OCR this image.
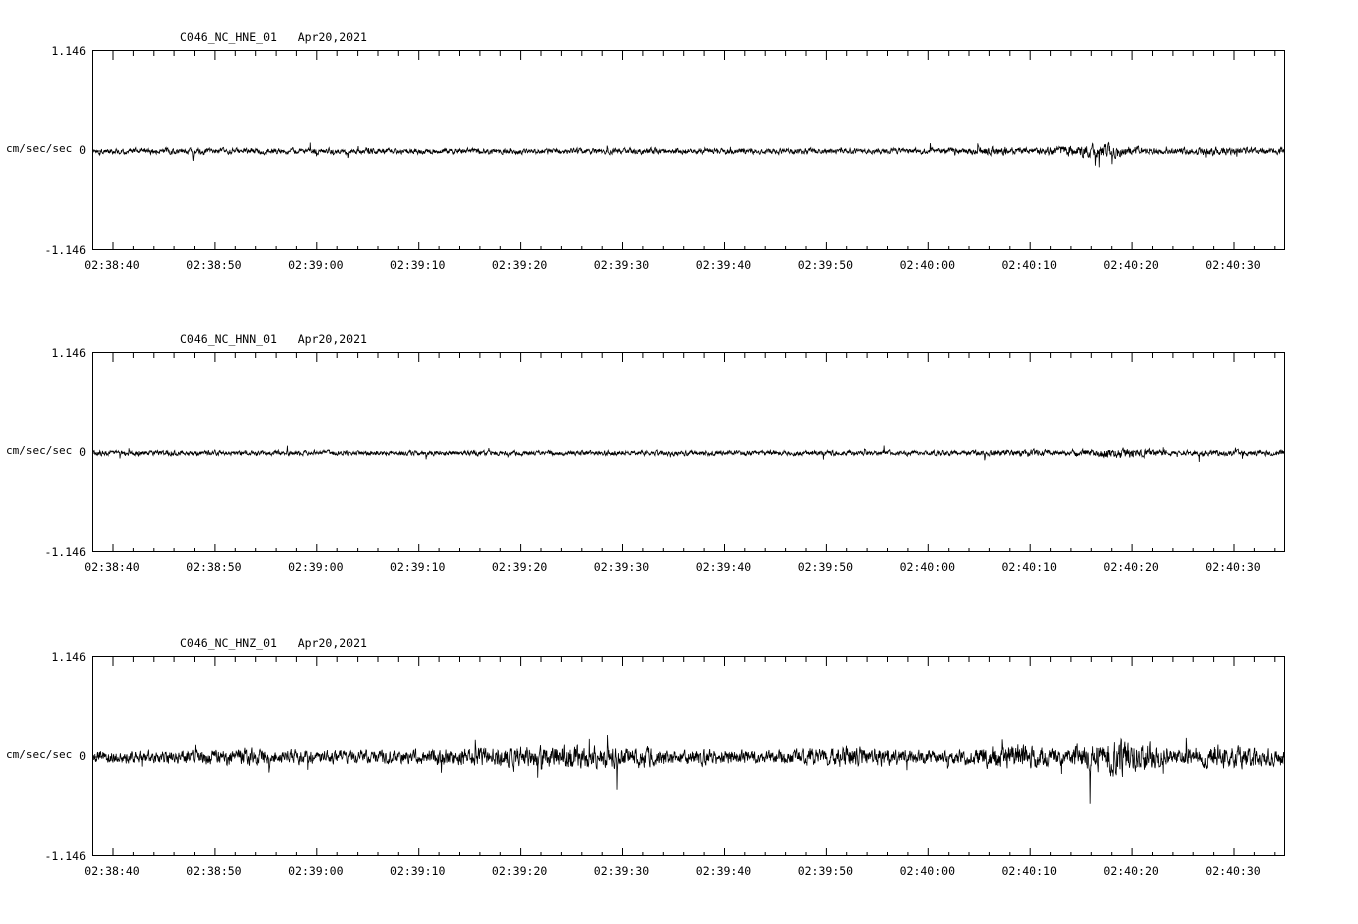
C046_NC_HNE_01   Apr20,2021
cm/sec/sec
1.146
0
-1.146
02:38:40	02:38:50	02:39:00	02:39:10	02:39:20	02:39:30	02:39:40	02:39:50	02:40:00	02:40:10	02:40:20	02:40:30
C046_NC_HNN_01   Apr20,2021
cm/sec/sec
1.146
0
-1.146
02:38:40	02:38:50	02:39:00	02:39:10	02:39:20	02:39:30	02:39:40	02:39:50	02:40:00	02:40:10	02:40:20	02:40:30
C046_NC_HNZ_01   Apr20,2021
cm/sec/sec
1.146
0
-1.146
02:38:40	02:38:50	02:39:00	02:39:10	02:39:20	02:39:30	02:39:40	02:39:50	02:40:00	02:40:10	02:40:20	02:40:30
